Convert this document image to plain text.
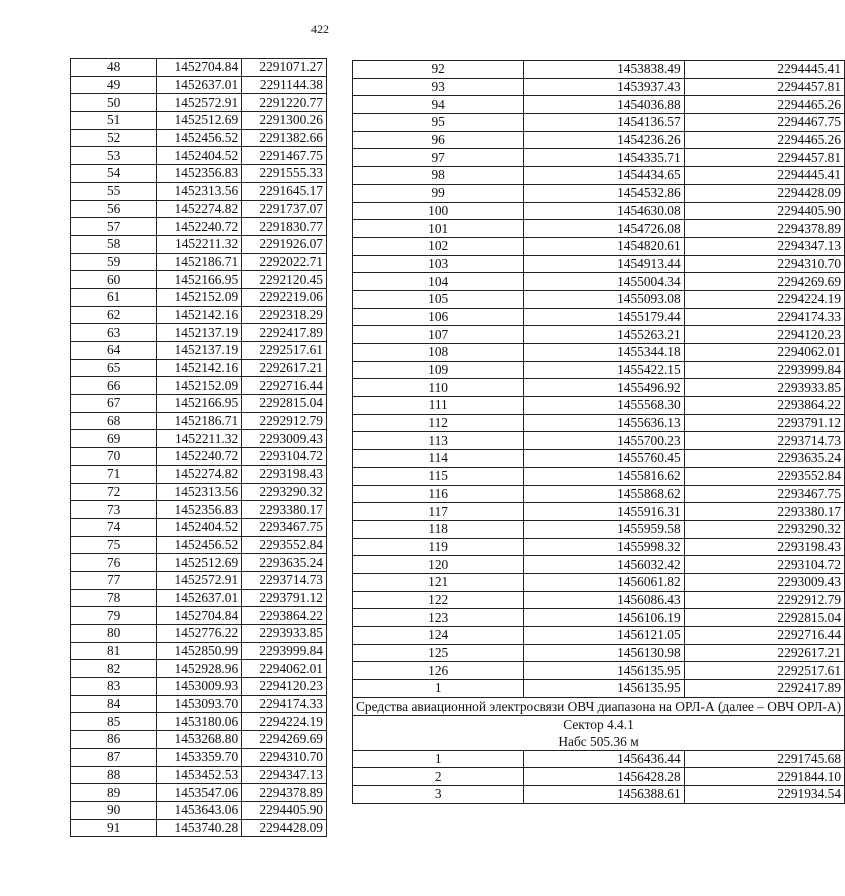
422
48	1452704.84	2291071.27
49	1452637.01	2291144.38
50	1452572.91	2291220.77
51	1452512.69	2291300.26
52	1452456.52	2291382.66
53	1452404.52	2291467.75
54	1452356.83	2291555.33
55	1452313.56	2291645.17
56	1452274.82	2291737.07
57	1452240.72	2291830.77
58	1452211.32	2291926.07
59	1452186.71	2292022.71
60	1452166.95	2292120.45
61	1452152.09	2292219.06
62	1452142.16	2292318.29
63	1452137.19	2292417.89
64	1452137.19	2292517.61
65	1452142.16	2292617.21
66	1452152.09	2292716.44
67	1452166.95	2292815.04
68	1452186.71	2292912.79
69	1452211.32	2293009.43
70	1452240.72	2293104.72
71	1452274.82	2293198.43
72	1452313.56	2293290.32
73	1452356.83	2293380.17
74	1452404.52	2293467.75
75	1452456.52	2293552.84
76	1452512.69	2293635.24
77	1452572.91	2293714.73
78	1452637.01	2293791.12
79	1452704.84	2293864.22
80	1452776.22	2293933.85
81	1452850.99	2293999.84
82	1452928.96	2294062.01
83	1453009.93	2294120.23
84	1453093.70	2294174.33
85	1453180.06	2294224.19
86	1453268.80	2294269.69
87	1453359.70	2294310.70
88	1453452.53	2294347.13
89	1453547.06	2294378.89
90	1453643.06	2294405.90
91	1453740.28	2294428.09
92	1453838.49	2294445.41
93	1453937.43	2294457.81
94	1454036.88	2294465.26
95	1454136.57	2294467.75
96	1454236.26	2294465.26
97	1454335.71	2294457.81
98	1454434.65	2294445.41
99	1454532.86	2294428.09
100	1454630.08	2294405.90
101	1454726.08	2294378.89
102	1454820.61	2294347.13
103	1454913.44	2294310.70
104	1455004.34	2294269.69
105	1455093.08	2294224.19
106	1455179.44	2294174.33
107	1455263.21	2294120.23
108	1455344.18	2294062.01
109	1455422.15	2293999.84
110	1455496.92	2293933.85
111	1455568.30	2293864.22
112	1455636.13	2293791.12
113	1455700.23	2293714.73
114	1455760.45	2293635.24
115	1455816.62	2293552.84
116	1455868.62	2293467.75
117	1455916.31	2293380.17
118	1455959.58	2293290.32
119	1455998.32	2293198.43
120	1456032.42	2293104.72
121	1456061.82	2293009.43
122	1456086.43	2292912.79
123	1456106.19	2292815.04
124	1456121.05	2292716.44
125	1456130.98	2292617.21
126	1456135.95	2292517.61
1	1456135.95	2292417.89
Средства авиационной электросвязи ОВЧ диапазона на ОРЛ-А (далее – ОВЧ ОРЛ-А)		

Сектор 4.4.1
Набс 505.36 м		

1	1456436.44	2291745.68
2	1456428.28	2291844.10
3	1456388.61	2291934.54
